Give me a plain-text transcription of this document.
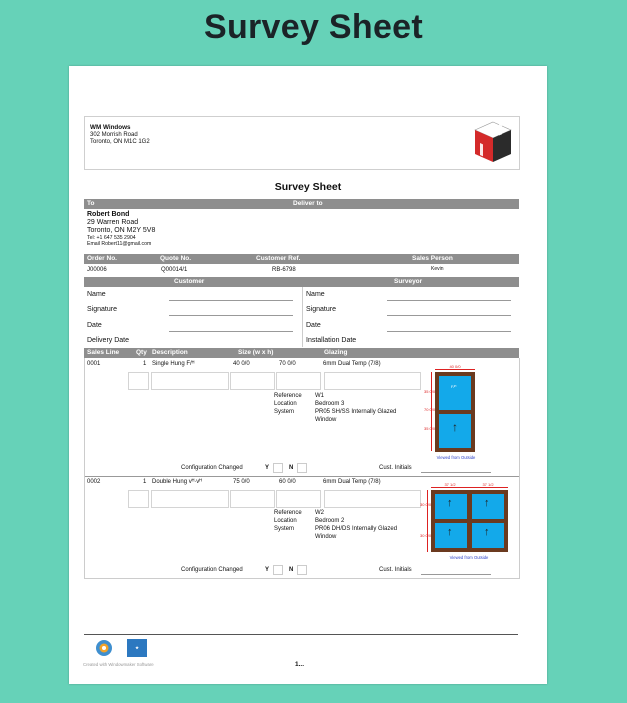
Survey Sheet
WM Windows
302 Morrish Road
Toronto, ON M1C 1G2
Survey Sheet
To	Deliver to
Robert Bond
29 Warren Road
Toronto, ON M2Y 5V8
Tel: +1 647 535 2904
Email Robert11@gmail.com
Order No.	Quote No.	Customer Ref.	Sales Person
J00006	Q00014/1	RB-6798	Kevin
Customer	Surveyor
Name
Signature
Date
Delivery Date
Name
Signature
Date
Installation Date
Sales Line	Qty Description	Size (w x h)	Glazing
0001	1 Single Hung F/ᴴ	40 0/0	70 0/0	6mm Dual Temp (7/8)
Reference W1
Location	Bedroom 3
System	PR05 SH/SS Internally Glazed
Window
40 0/0
35 0/0
70 0/0
35 0/0
F/ᴴ
↑
Viewed from Outside
Configuration Changed	Y	N	Cust. Initials
0002	1 Double Hung vᴴ·vᴴ	75 0/0	60 0/0	6mm Dual Temp (7/8)
Reference W2
Location	Bedroom 2
System	PR06 DH/DS Internally Glazed
Window
37 1/2	37 1/2
30 0/0
30 0/0
↑	↑
↑	↑
Viewed from Outside
Configuration Changed	Y	N	Cust. Initials
★
Created with Windowmaker Software	1...
